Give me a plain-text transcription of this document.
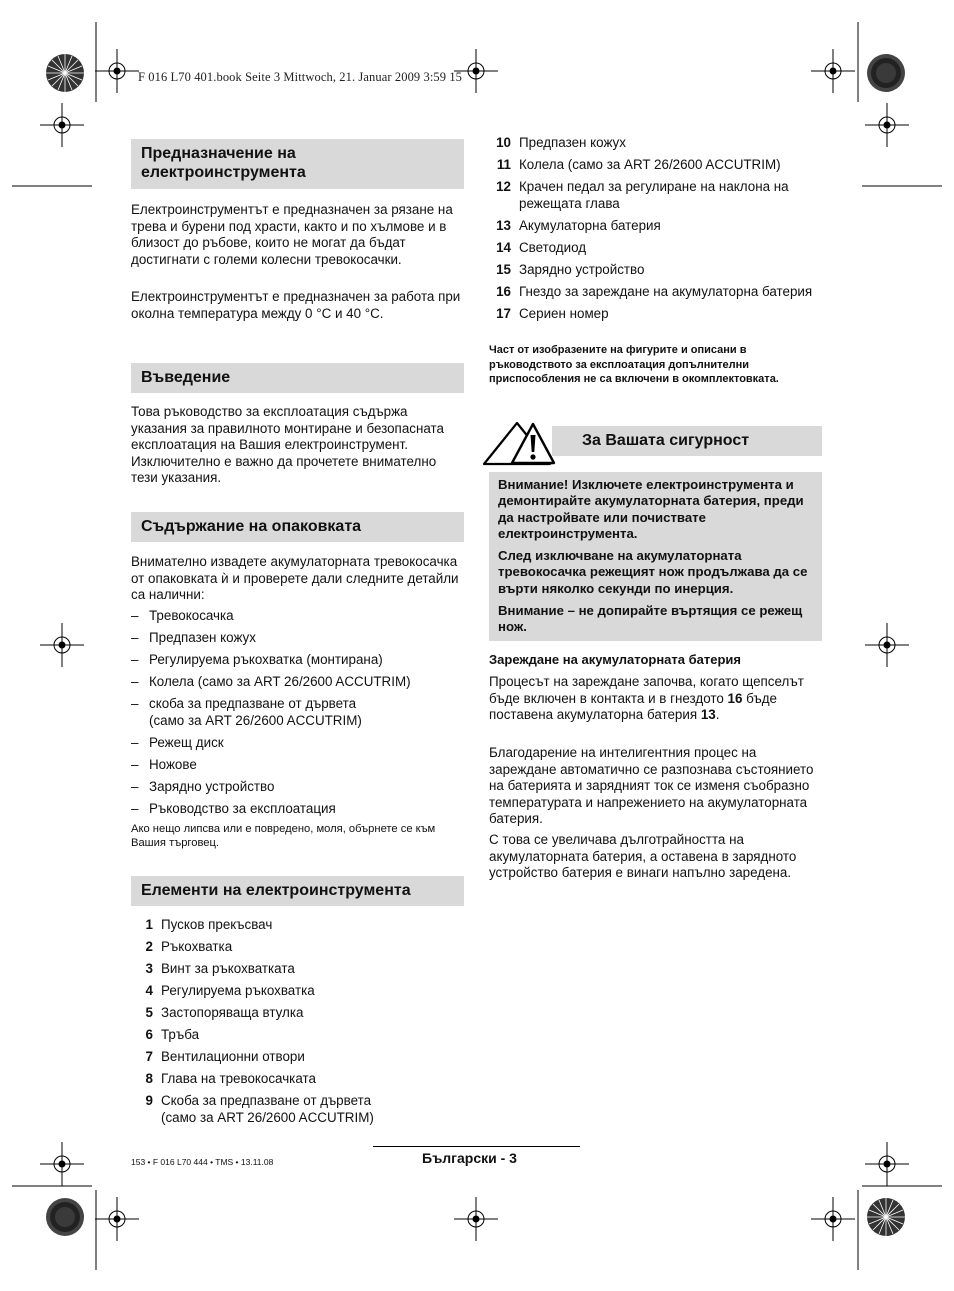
F 016 L70 401.book Seite 3 Mittwoch, 21. Januar 2009 3:59 15
Предназначение на електроинструмента

Електроинструментът е предназначен за рязане на трева и бурени под храсти, както и по хълмове и в близост до ръбове, които не могат да бъдат достигнати с големи колесни тревокосачки.

Електроинструментът е предназначен за работа при околна температура между 0 °C и 40 °C.

Въведение

Това ръководство за експлоатация съдържа указания за правилното монтиране и безопасната експлоатация на Вашия електроинструмент. Изключително е важно да прочетете внимателно тези указания.

Съдържание на опаковката

Внимателно извадете акумулаторната тревокосачка от опаковката ѝ и проверете дали следните детайли са налични:

– Тревокосачка
– Предпазен кожух
– Регулируема ръкохватка (монтирана)
– Колела (само за ART 26/2600 ACCUTRIM)
– скоба за предпазване от дървета
(само за ART 26/2600 ACCUTRIM)
– Режещ диск
– Ножове
– Зарядно устройство
– Ръководство за експлоатация

Ако нещо липсва или е повредено, моля, обърнете се към Вашия търговец.

Елементи на електроинструмента
1 Пусков прекъсвач
2 Ръкохватка
3 Винт за ръкохватката
4 Регулируема ръкохватка
5 Застопоряваща втулка
6 Тръба
7 Вентилационни отвори
8 Глава на тревокосачката
9 Скоба за предпазване от дървета
(само за ART 26/2600 ACCUTRIM)
10 Предпазен кожух
11 Колела (само за ART 26/2600 ACCUTRIM)
12 Крачен педал за регулиране на наклона на режещата глава
13 Акумулаторна батерия
14 Светодиод
15 Зарядно устройство
16 Гнездо за зареждане на акумулаторна батерия
17 Сериен номер

Част от изобразените на фигурите и описани в ръководството за експлоатация допълнителни приспособления не са включени в окомплектовката.

За Вашата сигурност

Внимание! Изключете електроинструмента и демонтирайте акумулаторната батерия, преди да настройвате или почиствате електроинструмента.

След изключване на акумулаторната тревокосачка режещият нож продължава да се върти няколко секунди по инерция.

Внимание – не допирайте въртящия се режещ нож.

Зареждане на акумулаторната батерия

Процесът на зареждане започва, когато щепселът бъде включен в контакта и в гнездото 16 бъде поставена акумулаторна батерия 13.

Благодарение на интелигентния процес на зареждане автоматично се разпознава състоянието на батерията и зарядният ток се изменя съобразно температурата и напрежението на акумулаторната батерия.

С това се увеличава дълготрайността на акумулаторната батерия, а оставена в зарядното устройство батерия е винаги напълно заредена.

153 • F 016 L70 444 • TMS • 13.11.08	Български - 3
